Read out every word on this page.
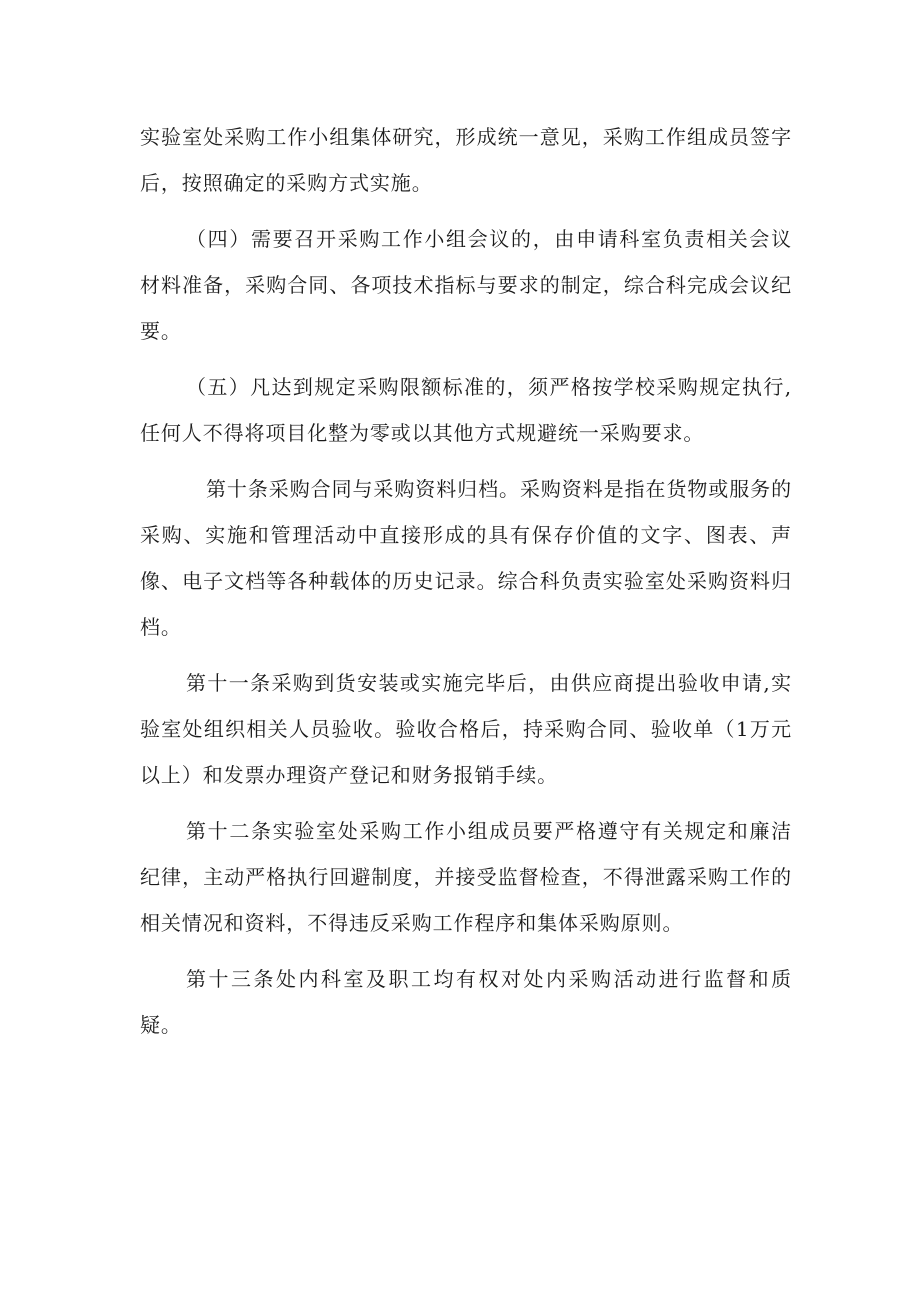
实验室处采购工作小组集体研究，形成统一意见，采购工作组成员签字后，按照确定的采购方式实施。

（四）需要召开采购工作小组会议的，由申请科室负责相关会议材料准备，采购合同、各项技术指标与要求的制定，综合科完成会议纪要。

（五）凡达到规定采购限额标准的，须严格按学校采购规定执行,任何人不得将项目化整为零或以其他方式规避统一采购要求。

第十条采购合同与采购资料归档。采购资料是指在货物或服务的采购、实施和管理活动中直接形成的具有保存价值的文字、图表、声像、电子文档等各种载体的历史记录。综合科负责实验室处采购资料归档。

第十一条采购到货安装或实施完毕后，由供应商提出验收申请,实验室处组织相关人员验收。验收合格后，持采购合同、验收单（1万元以上）和发票办理资产登记和财务报销手续。

第十二条实验室处采购工作小组成员要严格遵守有关规定和廉洁纪律，主动严格执行回避制度，并接受监督检查，不得泄露采购工作的相关情况和资料，不得违反采购工作程序和集体采购原则。

第十三条处内科室及职工均有权对处内采购活动进行监督和质疑。
